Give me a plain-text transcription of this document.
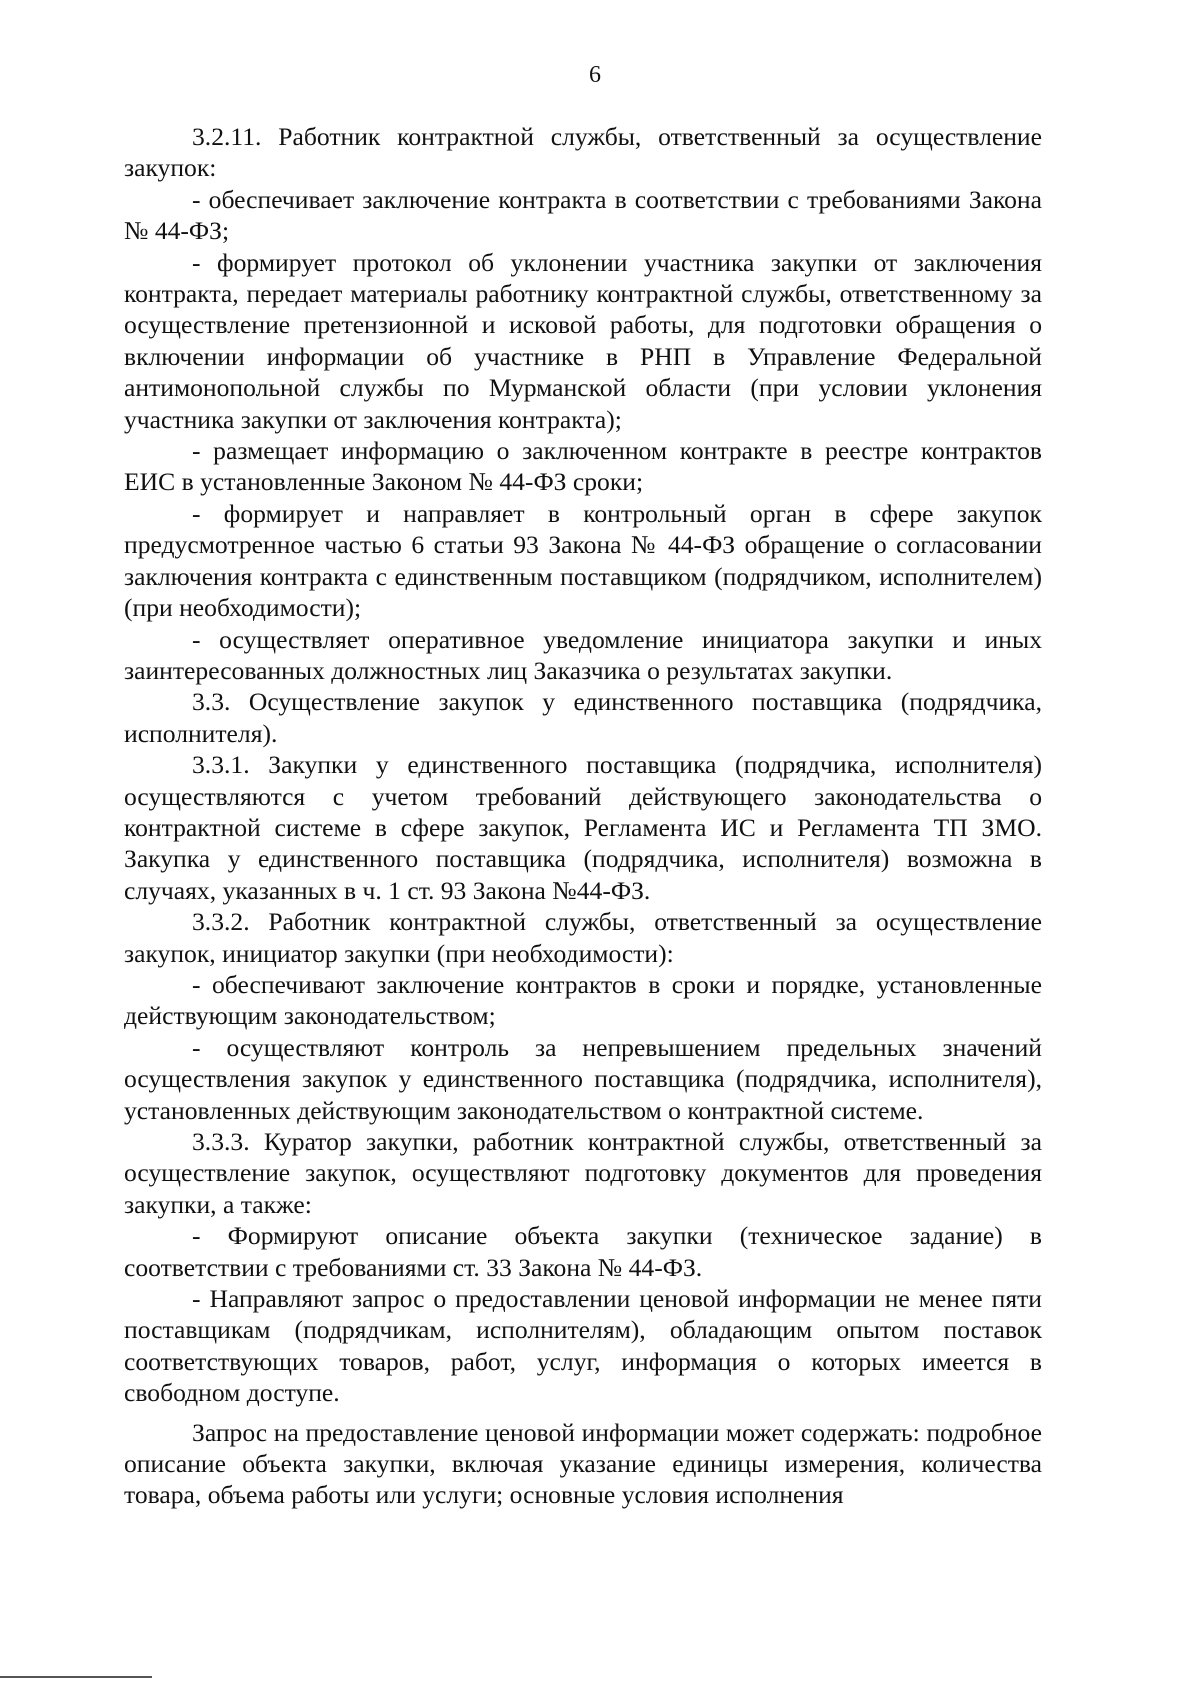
6

3.2.11. Работник контрактной службы, ответственный за осуществление закупок:

- обеспечивает заключение контракта в соответствии с требованиями Закона № 44-ФЗ;

- формирует протокол об уклонении участника закупки от заключения контракта, передает материалы работнику контрактной службы, ответственному за осуществление претензионной и исковой работы, для подготовки обращения о включении информации об участнике в РНП в Управление Федеральной антимонопольной службы по Мурманской области (при условии уклонения участника закупки от заключения контракта);

- размещает информацию о заключенном контракте в реестре контрактов ЕИС в установленные Законом № 44-ФЗ сроки;

- формирует и направляет в контрольный орган в сфере закупок предусмотренное частью 6 статьи 93 Закона № 44-ФЗ обращение о согласовании заключения контракта с единственным поставщиком (подрядчиком, исполнителем) (при необходимости);

- осуществляет оперативное уведомление инициатора закупки и иных заинтересованных должностных лиц Заказчика о результатах закупки.

3.3. Осуществление закупок у единственного поставщика (подрядчика, исполнителя).

3.3.1. Закупки у единственного поставщика (подрядчика, исполнителя) осуществляются с учетом требований действующего законодательства о контрактной системе в сфере закупок, Регламента ИС и Регламента ТП ЗМО. Закупка у единственного поставщика (подрядчика, исполнителя) возможна в случаях, указанных в ч. 1 ст. 93 Закона №44-ФЗ.

3.3.2. Работник контрактной службы, ответственный за осуществление закупок, инициатор закупки (при необходимости):

- обеспечивают заключение контрактов в сроки и порядке, установленные действующим законодательством;

- осуществляют контроль за непревышением предельных значений осуществления закупок у единственного поставщика (подрядчика, исполнителя), установленных действующим законодательством о контрактной системе.

3.3.3. Куратор закупки, работник контрактной службы, ответственный за осуществление закупок, осуществляют подготовку документов для проведения закупки, а также:

- Формируют описание объекта закупки (техническое задание) в соответствии с требованиями ст. 33 Закона № 44-ФЗ.

- Направляют запрос о предоставлении ценовой информации не менее пяти поставщикам (подрядчикам, исполнителям), обладающим опытом поставок соответствующих товаров, работ, услуг, информация о которых имеется в свободном доступе.

Запрос на предоставление ценовой информации может содержать: подробное описание объекта закупки, включая указание единицы измерения, количества товара, объема работы или услуги; основные условия исполнения
